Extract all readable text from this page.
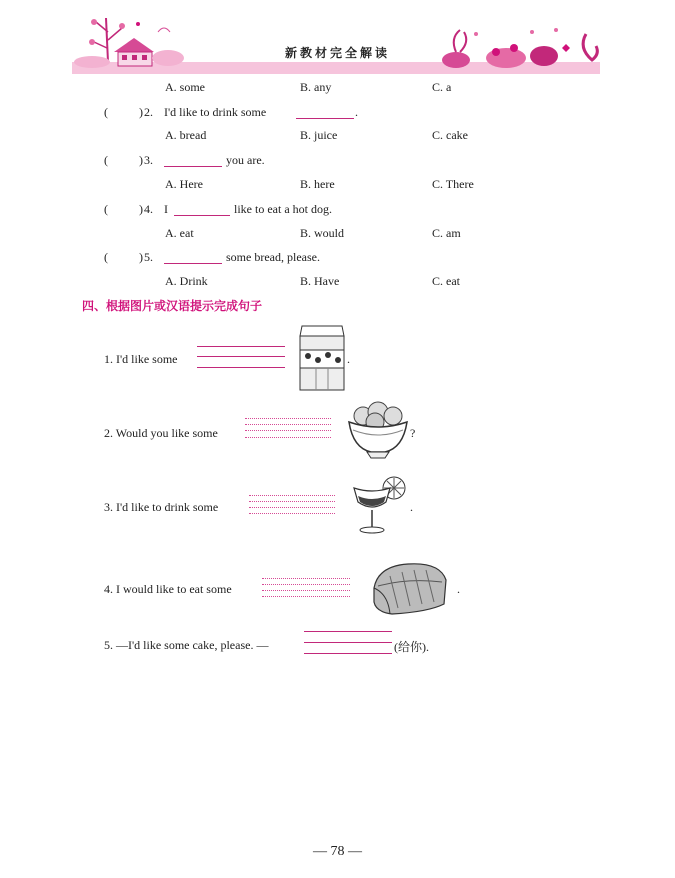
新教材完全解读
A. some	B. any	C. a
(	) 2. I'd like to drink some	.
A. bread	B. juice	C. cake
(	) 3.	you are.
A. Here	B. here	C. There
(	) 4. I	like to eat a hot dog.
A. eat	B. would	C. am
(	) 5.	some bread, please.
A. Drink	B. Have	C. eat
四、根据图片或汉语提示完成句子
1. I'd like some	.
2. Would you like some	?
3. I'd like to drink some	.
4. I would like to eat some	.
5. —I'd like some cake, please. —	(给你).
— 78 —
